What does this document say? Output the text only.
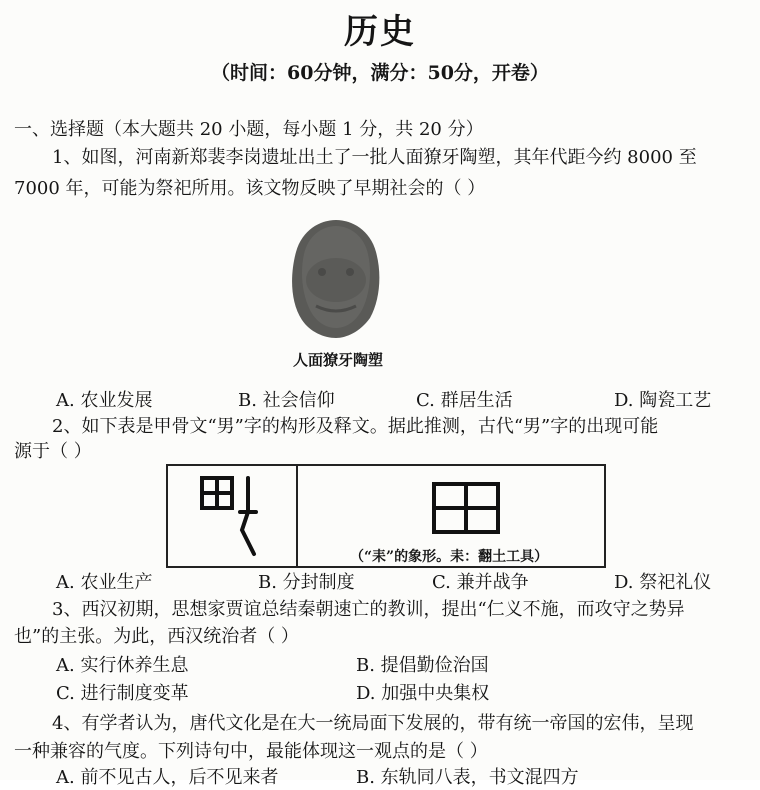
历史
（时间：60分钟，满分：50分，开卷）
一、选择题（本大题共 20 小题，每小题 1 分，共 20 分）
1、如图，河南新郑裴李岗遗址出土了一批人面獠牙陶塑，其年代距今约 8000 至
7000 年，可能为祭祀所用。该文物反映了早期社会的（ ）
人面獠牙陶塑
A. 农业发展	B. 社会信仰	C. 群居生活	D. 陶瓷工艺
2、如下表是甲骨文“男”字的构形及释文。据此推测，古代“男”字的出现可能
源于（ ）
（“耒”的象形。耒：翻土工具）
A. 农业生产	B. 分封制度	C. 兼并战争	D. 祭祀礼仪
3、西汉初期，思想家贾谊总结秦朝速亡的教训，提出“仁义不施，而攻守之势异
也”的主张。为此，西汉统治者（ ）
A. 实行休养生息	B. 提倡勤俭治国
C. 进行制度变革	D. 加强中央集权
4、有学者认为，唐代文化是在大一统局面下发展的，带有统一帝国的宏伟，呈现
一种兼容的气度。下列诗句中，最能体现这一观点的是（ ）
A. 前不见古人，后不见来者	B. 东轨同八表，书文混四方
